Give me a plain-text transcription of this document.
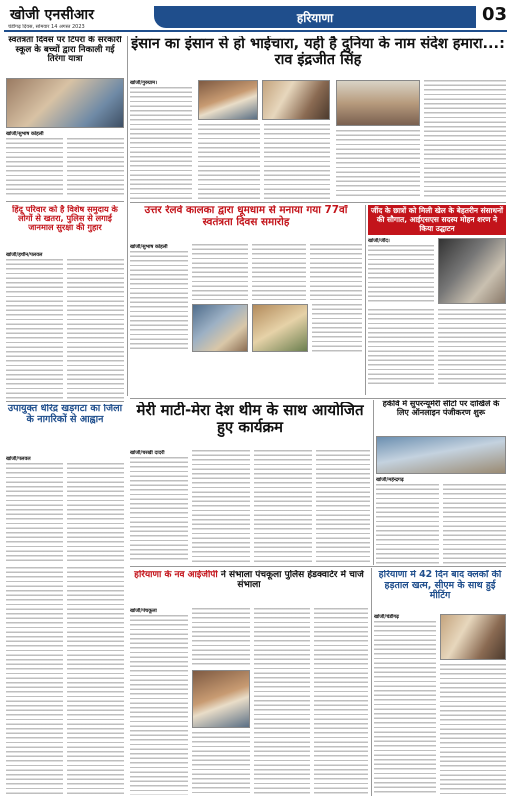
खोजी एनसीआर
चंडीगढ़ दिवस, सोमवार 14 अगस्त 2023
हरियाणा	03
स्वतंत्रता दिवस पर टिपरा के सरकारी स्कूल के बच्चों द्वारा निकाली गई तिरंगा यात्रा
खोजी/सुभाष कोहली
इंसान का इंसान से हो भाईचारा, यही है दुनिया के नाम संदेश हमारा...: राव इंद्रजीत सिंह
खोजी/गुरुग्राम।
उत्तर रेलवे कालका द्वारा धूमधाम से मनाया गया 77वाँ स्वतंत्रता दिवस समारोह
खोजी/सुभाष कोहली
हिंदू परिवार को है विशेष समुदाय के लोगों से खतरा, पुलिस से लगाई जानमाल सुरक्षा की गुहार
खोजी/हथीन/पलवल
जींद के छात्रों को मिली खेल के बेहतरीन संसाधनों की सौगात, आईएसएस सदस्य मोहन शरण ने किया उद्घाटन
खोजी/जींद।
उपायुक्त धीरेंद्र खड़गटा का जिला के नागरिकों से आह्वान
खोजी/पलवल
मेरी माटी-मेरा देश थीम के साथ आयोजित हुए कार्यक्रम
खोजी/चरखी दादरी
हकेवि में सुपरन्यूमेरी सीटों पर दाखिले के लिए ऑनलाइन पंजीकरण शुरू
खोजी/महेन्द्रगढ़
हरियाणा के नव आईजीपी ने संभाला पंचकूला पुलिस हेडक्वार्टर में चार्ज संभाला
खोजी/पंचकूला
हरियाणा में 42 दिन बाद क्लर्कों की हड़ताल खत्म, सीएम के साथ हुई मीटिंग
खोजी/चंडीगढ़
